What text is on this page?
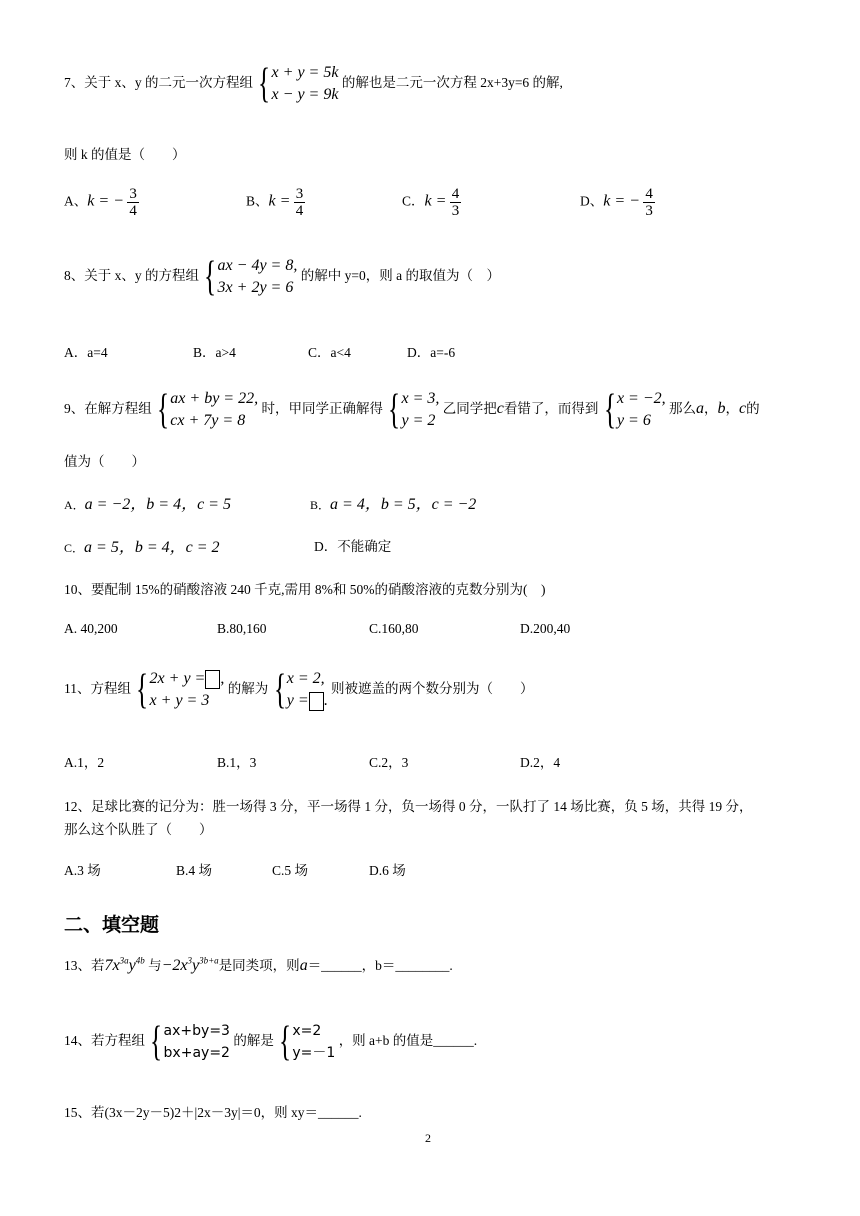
7、关于 x、y 的二元一次方程组 { x + y = 5k
x − y = 9k
的解也是二元一次方程 2x+3y=6 的解,
则 k 的值是（　　）
A、k = − $\frac{3}{4}$	B、$k = \frac{3}{4}$	C．$k = \frac{4}{3}$	D、k = − $\frac{4}{3}$
8、关于 x、y 的方程组 { ax − 4y = 8,
3x + 2y = 6
的解中 y=0，则 a 的取值为（　）
A．a=4	B．a>4	C．a<4	D．a=-6
9、在解方程组 { ax + by = 22,
cx + 7y = 8
时，甲同学正确解得 { x = 3,
y = 2
乙同学把c看错了，而得到 { x = −2,
y = 6
那么a，b，c的
值为（　　）
A．a = −2，b = 4，c = 5	B．a = 4，b = 5，c = −2
C．a = 5，b = 4，c = 2	D．不能确定
10、要配制 15%的硝酸溶液 240 千克,需用 8%和 50%的硝酸溶液的克数分别为(　)
A. 40,200	B.80,160	C.160,80	D.200,40
11、方程组 { 2x + y = ,
x + y = 3
的解为 { x = 2,
y = .
则被遮盖的两个数分别为（　　）
A.1，2	B.1，3	C.2，3	D.2，4
12、足球比赛的记分为：胜一场得 3 分，平一场得 1 分，负一场得 0 分，一队打了 14 场比赛，负 5 场，共得 19 分，
那么这个队胜了（　　）
A.3 场	B.4 场	C.5 场	D.6 场
二、填空题
13、若$7x^{3a}y^{4b}$ 与$-2x^3y^{3b+a}$是同类项，则a＝______，b＝________.
14、若方程组 { ax+by=3
bx+ay=2
的解是 { x=2
y=－1
，则 a+b 的值是______.
15、若(3x－2y－5)2＋|2x－3y|＝0，则 xy＝______.
2
